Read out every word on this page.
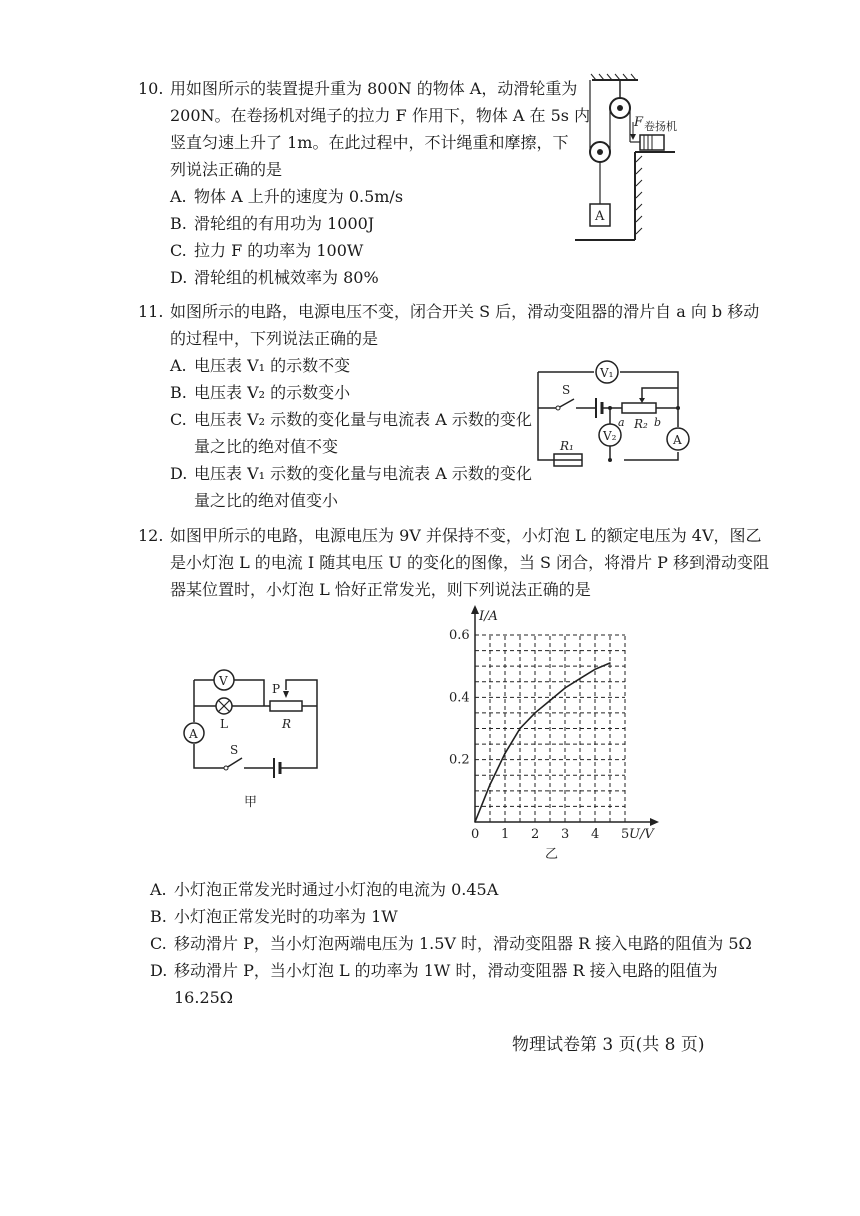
10. 用如图所示的装置提升重为 800N 的物体 A，动滑轮重为
200N。在卷扬机对绳子的拉力 F 作用下，物体 A 在 5s 内
竖直匀速上升了 1m。在此过程中，不计绳重和摩擦，下
列说法正确的是
A. 物体 A 上升的速度为 0.5m/s
B. 滑轮组的有用功为 1000J
C. 拉力 F 的功率为 100W
D. 滑轮组的机械效率为 80%
F 卷扬机
A
11. 如图所示的电路，电源电压不变，闭合开关 S 后，滑动变阻器的滑片自 a 向 b 移动
的过程中，下列说法正确的是
A. 电压表 V₁ 的示数不变
B. 电压表 V₂ 的示数变小
C. 电压表 V₂ 示数的变化量与电流表 A 示数的变化
量之比的绝对值不变
D. 电压表 V₁ 示数的变化量与电流表 A 示数的变化
量之比的绝对值变小
V₁
V₂	A
S
a R₂ b
R₁
12. 如图甲所示的电路，电源电压为 9V 并保持不变，小灯泡 L 的额定电压为 4V，图乙
是小灯泡 L 的电流 I 随其电压 U 的变化的图像，当 S 闭合，将滑片 P 移到滑动变阻
器某位置时，小灯泡 L 恰好正常发光，则下列说法正确的是
V
A
L
P
R
S
甲
0 1 2 3 4 5
0.2
0.4
0.6
I/A
U/V
乙
A. 小灯泡正常发光时通过小灯泡的电流为 0.45A
B. 小灯泡正常发光时的功率为 1W
C. 移动滑片 P，当小灯泡两端电压为 1.5V 时，滑动变阻器 R 接入电路的阻值为 5Ω
D. 移动滑片 P，当小灯泡 L 的功率为 1W 时，滑动变阻器 R 接入电路的阻值为
16.25Ω
物理试卷第 3 页(共 8 页)
